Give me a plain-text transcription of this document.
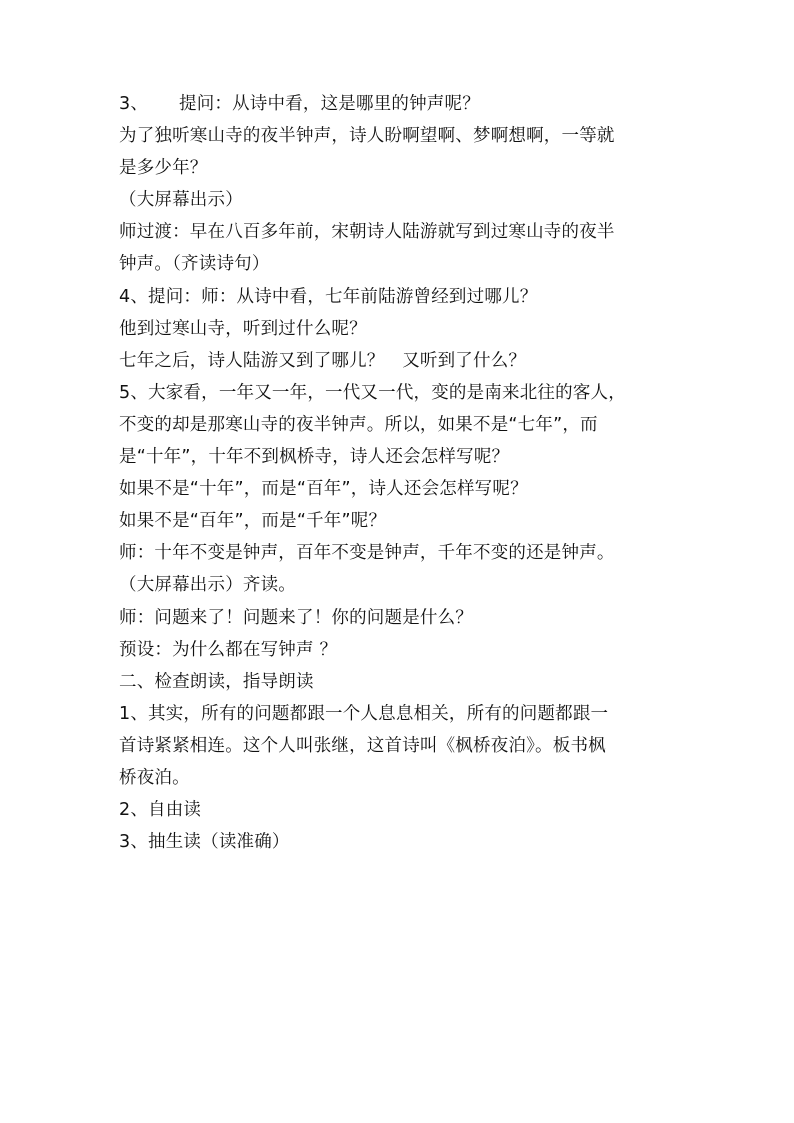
3、 提问：从诗中看，这是哪里的钟声呢？
为了独听寒山寺的夜半钟声，诗人盼啊望啊、梦啊想啊，一等就
是多少年？
（大屏幕出示）
师过渡：早在八百多年前，宋朝诗人陆游就写到过寒山寺的夜半
钟声。（齐读诗句）
4、提问：师：从诗中看，七年前陆游曾经到过哪儿？
他到过寒山寺，听到过什么呢？
七年之后，诗人陆游又到了哪儿？　又听到了什么？
5、大家看，一年又一年，一代又一代，变的是南来北往的客人，
不变的却是那寒山寺的夜半钟声。所以，如果不是“七年”，而
是“十年”，十年不到枫桥寺，诗人还会怎样写呢？
如果不是“十年”，而是“百年”，诗人还会怎样写呢？
如果不是“百年”，而是“千年”呢？
师：十年不变是钟声，百年不变是钟声，千年不变的还是钟声。
（大屏幕出示）齐读。
师：问题来了！问题来了！你的问题是什么？
预设：为什么都在写钟声 ？
二、检查朗读，指导朗读
1、其实，所有的问题都跟一个人息息相关，所有的问题都跟一
首诗紧紧相连。这个人叫张继，这首诗叫《枫桥夜泊》。板书枫
桥夜泊。
2、自由读
3、抽生读（读准确）
